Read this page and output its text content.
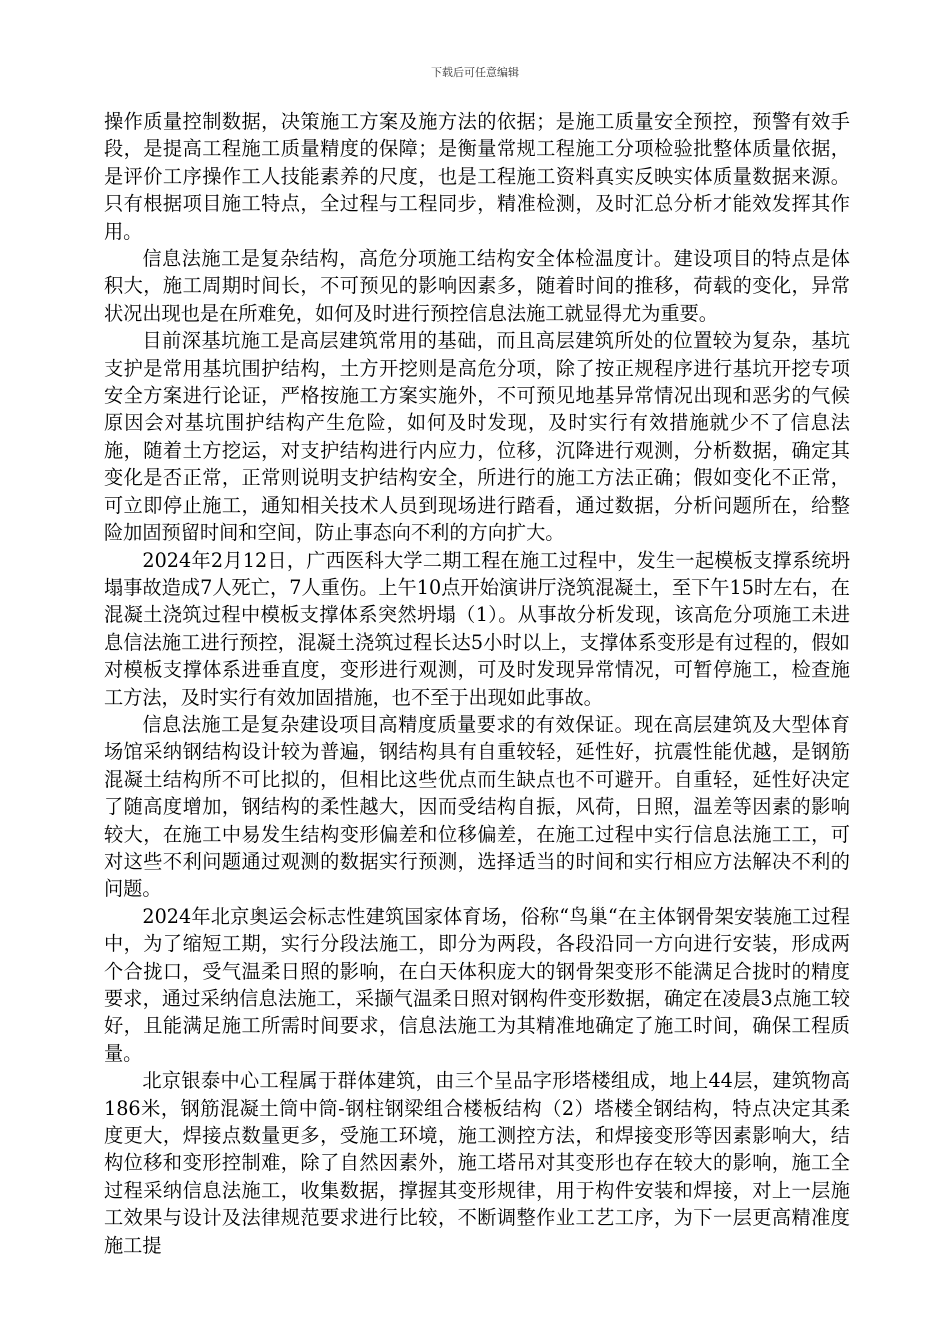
下载后可任意编辑

操作质量控制数据，决策施工方案及施方法的依据；是施工质量安全预控，预警有效手段，是提高工程施工质量精度的保障；是衡量常规工程施工分项检验批整体质量依据，是评价工序操作工人技能素养的尺度，也是工程施工资料真实反映实体质量数据来源。只有根据项目施工特点，全过程与工程同步，精准检测，及时汇总分析才能效发挥其作用。

信息法施工是复杂结构，高危分项施工结构安全体检温度计。建设项目的特点是体积大，施工周期时间长，不可预见的影响因素多，随着时间的推移，荷载的变化，异常状况出现也是在所难免，如何及时进行预控信息法施工就显得尤为重要。

目前深基坑施工是高层建筑常用的基础，而且高层建筑所处的位置较为复杂，基坑支护是常用基坑围护结构，土方开挖则是高危分项，除了按正规程序进行基坑开挖专项安全方案进行论证，严格按施工方案实施外，不可预见地基异常情况出现和恶劣的气候原因会对基坑围护结构产生危险，如何及时发现，及时实行有效措施就少不了信息法施，随着土方挖运，对支护结构进行内应力，位移，沉降进行观测，分析数据，确定其变化是否正常，正常则说明支护结构安全，所进行的施工方法正确；假如变化不正常，可立即停止施工，通知相关技术人员到现场进行踏看，通过数据，分析问题所在，给整险加固预留时间和空间，防止事态向不利的方向扩大。

2024年2月12日，广西医科大学二期工程在施工过程中，发生一起模板支撑系统坍塌事故造成7人死亡，7人重伤。上午10点开始演讲厅浇筑混凝土，至下午15时左右，在混凝土浇筑过程中模板支撑体系突然坍塌（1）。从事故分析发现，该高危分项施工未进息信法施工进行预控，混凝土浇筑过程长达5小时以上，支撑体系变形是有过程的，假如对模板支撑体系进垂直度，变形进行观测，可及时发现异常情况，可暂停施工，检查施工方法，及时实行有效加固措施，也不至于出现如此事故。

信息法施工是复杂建设项目高精度质量要求的有效保证。现在高层建筑及大型体育场馆采纳钢结构设计较为普遍，钢结构具有自重较轻，延性好，抗震性能优越，是钢筋混凝土结构所不可比拟的，但相比这些优点而生缺点也不可避开。自重轻，延性好决定了随高度增加，钢结构的柔性越大，因而受结构自振，风荷，日照，温差等因素的影响较大，在施工中易发生结构变形偏差和位移偏差，在施工过程中实行信息法施工工，可对这些不利问题通过观测的数据实行预测，选择适当的时间和实行相应方法解决不利的问题。

2024年北京奥运会标志性建筑国家体育场，俗称“鸟巢“在主体钢骨架安装施工过程中，为了缩短工期，实行分段法施工，即分为两段，各段沿同一方向进行安装，形成两个合拢口，受气温柔日照的影响，在白天体积庞大的钢骨架变形不能满足合拢时的精度要求，通过采纳信息法施工，采撷气温柔日照对钢构件变形数据，确定在凌晨3点施工较好，且能满足施工所需时间要求，信息法施工为其精准地确定了施工时间，确保工程质量。

北京银泰中心工程属于群体建筑，由三个呈品字形塔楼组成，地上44层，建筑物高186米，钢筋混凝土筒中筒-钢柱钢梁组合楼板结构（2）塔楼全钢结构，特点决定其柔度更大，焊接点数量更多，受施工环境，施工测控方法，和焊接变形等因素影响大，结构位移和变形控制难，除了自然因素外，施工塔吊对其变形也存在较大的影响，施工全过程采纳信息法施工，收集数据，撑握其变形规律，用于构件安装和焊接，对上一层施工效果与设计及法律规范要求进行比较，不断调整作业工艺工序，为下一层更高精准度施工提
